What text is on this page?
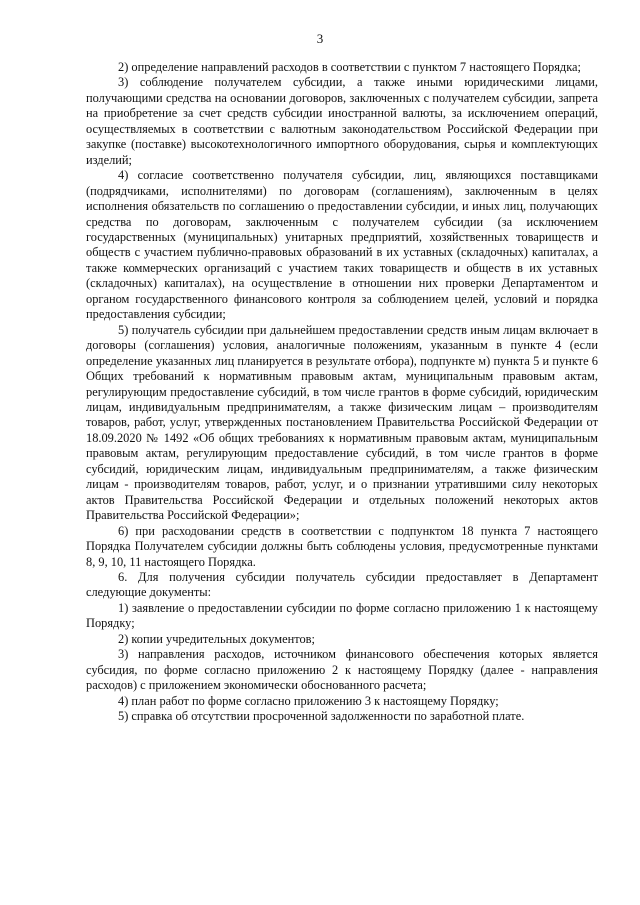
3

2) определение направлений расходов в соответствии с пунктом 7 настоящего Порядка;

3) соблюдение получателем субсидии, а также иными юридическими лицами, получающими средства на основании договоров, заключенных с получателем субсидии, запрета на приобретение за счет средств субсидии иностранной валюты, за исключением операций, осуществляемых в соответствии с валютным законодательством Российской Федерации при закупке (поставке) высокотехнологичного импортного оборудования, сырья и комплектующих изделий;

4) согласие соответственно получателя субсидии, лиц, являющихся поставщиками (подрядчиками, исполнителями) по договорам (соглашениям), заключенным в целях исполнения обязательств по соглашению о предоставлении субсидии, и иных лиц, получающих средства по договорам, заключенным с получателем субсидии (за исключением государственных (муниципальных) унитарных предприятий, хозяйственных товариществ и обществ с участием публично-правовых образований в их уставных (складочных) капиталах, а также коммерческих организаций с участием таких товариществ и обществ в их уставных (складочных) капиталах), на осуществление в отношении них проверки Департаментом и органом государственного финансового контроля за соблюдением целей, условий и порядка предоставления субсидии;

5) получатель субсидии при дальнейшем предоставлении средств иным лицам включает в договоры (соглашения) условия, аналогичные положениям, указанным в пункте 4 (если определение указанных лиц планируется в результате отбора), подпункте м) пункта 5 и пункте 6 Общих требований к нормативным правовым актам, муниципальным правовым актам, регулирующим предоставление субсидий, в том числе грантов в форме субсидий, юридическим лицам, индивидуальным предпринимателям, а также физическим лицам – производителям товаров, работ, услуг, утвержденных постановлением Правительства Российской Федерации от 18.09.2020 № 1492 «Об общих требованиях к нормативным правовым актам, муниципальным правовым актам, регулирующим предоставление субсидий, в том числе грантов в форме субсидий, юридическим лицам, индивидуальным предпринимателям, а также физическим лицам - производителям товаров, работ, услуг, и о признании утратившими силу некоторых актов Правительства Российской Федерации и отдельных положений некоторых актов Правительства Российской Федерации»;

6) при расходовании средств в соответствии с подпунктом 18 пункта 7 настоящего Порядка Получателем субсидии должны быть соблюдены условия, предусмотренные пунктами 8, 9, 10, 11 настоящего Порядка.

6. Для получения субсидии получатель субсидии предоставляет в Департамент следующие документы:

1) заявление о предоставлении субсидии по форме согласно приложению 1 к настоящему Порядку;

2) копии учредительных документов;

3) направления расходов, источником финансового обеспечения которых является субсидия, по форме согласно приложению 2 к настоящему Порядку (далее - направления расходов) с приложением экономически обоснованного расчета;

4) план работ по форме согласно приложению 3 к настоящему Порядку;

5) справка об отсутствии просроченной задолженности по заработной плате.
